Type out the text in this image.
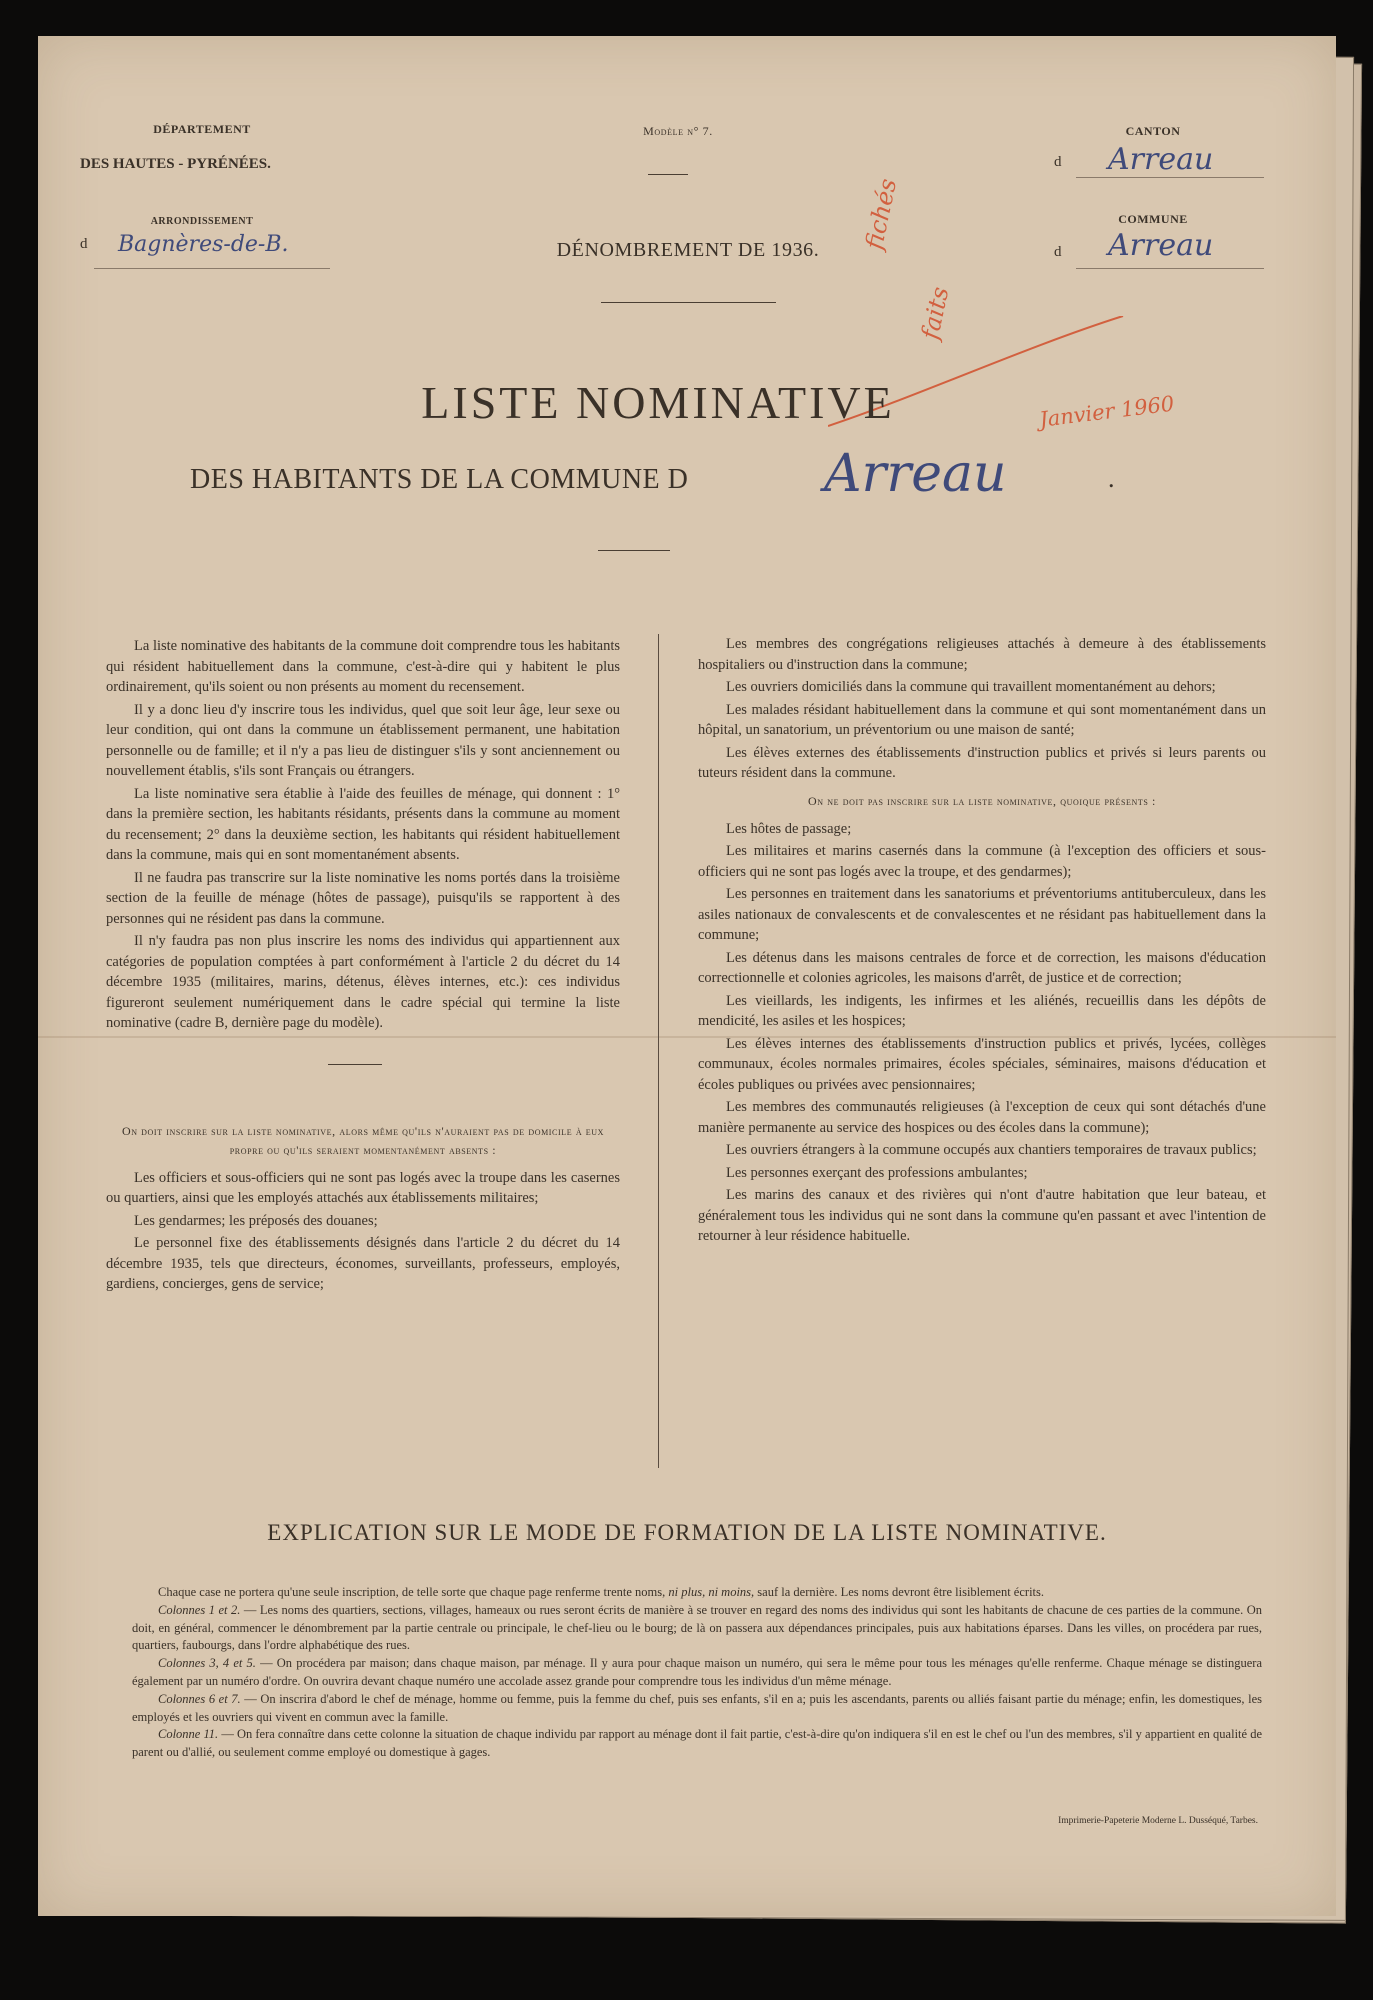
DÉPARTEMENT
DES HAUTES - PYRÉNÉES.
ARRONDISSEMENT
d Bagnères-de-B.
Modèle n° 7.
DÉNOMBREMENT DE 1936.
CANTON
d Arreau
COMMUNE
d Arreau
fichés
faits
Janvier 1960
LISTE NOMINATIVE
DES HABITANTS DE LA COMMUNE D	Arreau	.

La liste nominative des habitants de la commune doit comprendre tous les habitants qui résident habituellement dans la commune, c'est-à-dire qui y habitent le plus ordinairement, qu'ils soient ou non présents au moment du recensement.

Il y a donc lieu d'y inscrire tous les individus, quel que soit leur âge, leur sexe ou leur condition, qui ont dans la commune un établissement permanent, une habitation personnelle ou de famille; et il n'y a pas lieu de distinguer s'ils y sont anciennement ou nouvellement établis, s'ils sont Français ou étrangers.

La liste nominative sera établie à l'aide des feuilles de ménage, qui donnent : 1° dans la première section, les habitants résidants, présents dans la commune au moment du recensement; 2° dans la deuxième section, les habitants qui résident habituellement dans la commune, mais qui en sont momentanément absents.

Il ne faudra pas transcrire sur la liste nominative les noms portés dans la troisième section de la feuille de ménage (hôtes de passage), puisqu'ils se rapportent à des personnes qui ne résident pas dans la commune.

Il n'y faudra pas non plus inscrire les noms des individus qui appartiennent aux catégories de population comptées à part conformément à l'article 2 du décret du 14 décembre 1935 (militaires, marins, détenus, élèves internes, etc.): ces individus figureront seulement numériquement dans le cadre spécial qui termine la liste nominative (cadre B, dernière page du modèle).

On doit inscrire sur la liste nominative, alors même qu'ils n'auraient pas de domicile à eux propre ou qu'ils seraient momentanément absents :

Les officiers et sous-officiers qui ne sont pas logés avec la troupe dans les casernes ou quartiers, ainsi que les employés attachés aux établissements militaires;

Les gendarmes; les préposés des douanes;

Le personnel fixe des établissements désignés dans l'article 2 du décret du 14 décembre 1935, tels que directeurs, économes, surveillants, professeurs, employés, gardiens, concierges, gens de service;

Les membres des congrégations religieuses attachés à demeure à des établissements hospitaliers ou d'instruction dans la commune;

Les ouvriers domiciliés dans la commune qui travaillent momentanément au dehors;

Les malades résidant habituellement dans la commune et qui sont momentanément dans un hôpital, un sanatorium, un préventorium ou une maison de santé;

Les élèves externes des établissements d'instruction publics et privés si leurs parents ou tuteurs résident dans la commune.

On ne doit pas inscrire sur la liste nominative, quoique présents :

Les hôtes de passage;

Les militaires et marins casernés dans la commune (à l'exception des officiers et sous-officiers qui ne sont pas logés avec la troupe, et des gendarmes);

Les personnes en traitement dans les sanatoriums et préventoriums antituberculeux, dans les asiles nationaux de convalescents et de convalescentes et ne résidant pas habituellement dans la commune;

Les détenus dans les maisons centrales de force et de correction, les maisons d'éducation correctionnelle et colonies agricoles, les maisons d'arrêt, de justice et de correction;

Les vieillards, les indigents, les infirmes et les aliénés, recueillis dans les dépôts de mendicité, les asiles et les hospices;

Les élèves internes des établissements d'instruction publics et privés, lycées, collèges communaux, écoles normales primaires, écoles spéciales, séminaires, maisons d'éducation et écoles publiques ou privées avec pensionnaires;

Les membres des communautés religieuses (à l'exception de ceux qui sont détachés d'une manière permanente au service des hospices ou des écoles dans la commune);

Les ouvriers étrangers à la commune occupés aux chantiers temporaires de travaux publics;

Les personnes exerçant des professions ambulantes;

Les marins des canaux et des rivières qui n'ont d'autre habitation que leur bateau, et généralement tous les individus qui ne sont dans la commune qu'en passant et avec l'intention de retourner à leur résidence habituelle.

EXPLICATION SUR LE MODE DE FORMATION DE LA LISTE NOMINATIVE.

Chaque case ne portera qu'une seule inscription, de telle sorte que chaque page renferme trente noms, ni plus, ni moins, sauf la dernière. Les noms devront être lisiblement écrits.

Colonnes 1 et 2. — Les noms des quartiers, sections, villages, hameaux ou rues seront écrits de manière à se trouver en regard des noms des individus qui sont les habitants de chacune de ces parties de la commune. On doit, en général, commencer le dénombrement par la partie centrale ou principale, le chef-lieu ou le bourg; de là on passera aux dépendances principales, puis aux habitations éparses. Dans les villes, on procédera par rues, quartiers, faubourgs, dans l'ordre alphabétique des rues.

Colonnes 3, 4 et 5. — On procédera par maison; dans chaque maison, par ménage. Il y aura pour chaque maison un numéro, qui sera le même pour tous les ménages qu'elle renferme. Chaque ménage se distinguera également par un numéro d'ordre. On ouvrira devant chaque numéro une accolade assez grande pour comprendre tous les individus d'un même ménage.

Colonnes 6 et 7. — On inscrira d'abord le chef de ménage, homme ou femme, puis la femme du chef, puis ses enfants, s'il en a; puis les ascendants, parents ou alliés faisant partie du ménage; enfin, les domestiques, les employés et les ouvriers qui vivent en commun avec la famille.

Colonne 11. — On fera connaître dans cette colonne la situation de chaque individu par rapport au ménage dont il fait partie, c'est-à-dire qu'on indiquera s'il en est le chef ou l'un des membres, s'il y appartient en qualité de parent ou d'allié, ou seulement comme employé ou domestique à gages.

Imprimerie-Papeterie Moderne L. Dusséqué, Tarbes.
